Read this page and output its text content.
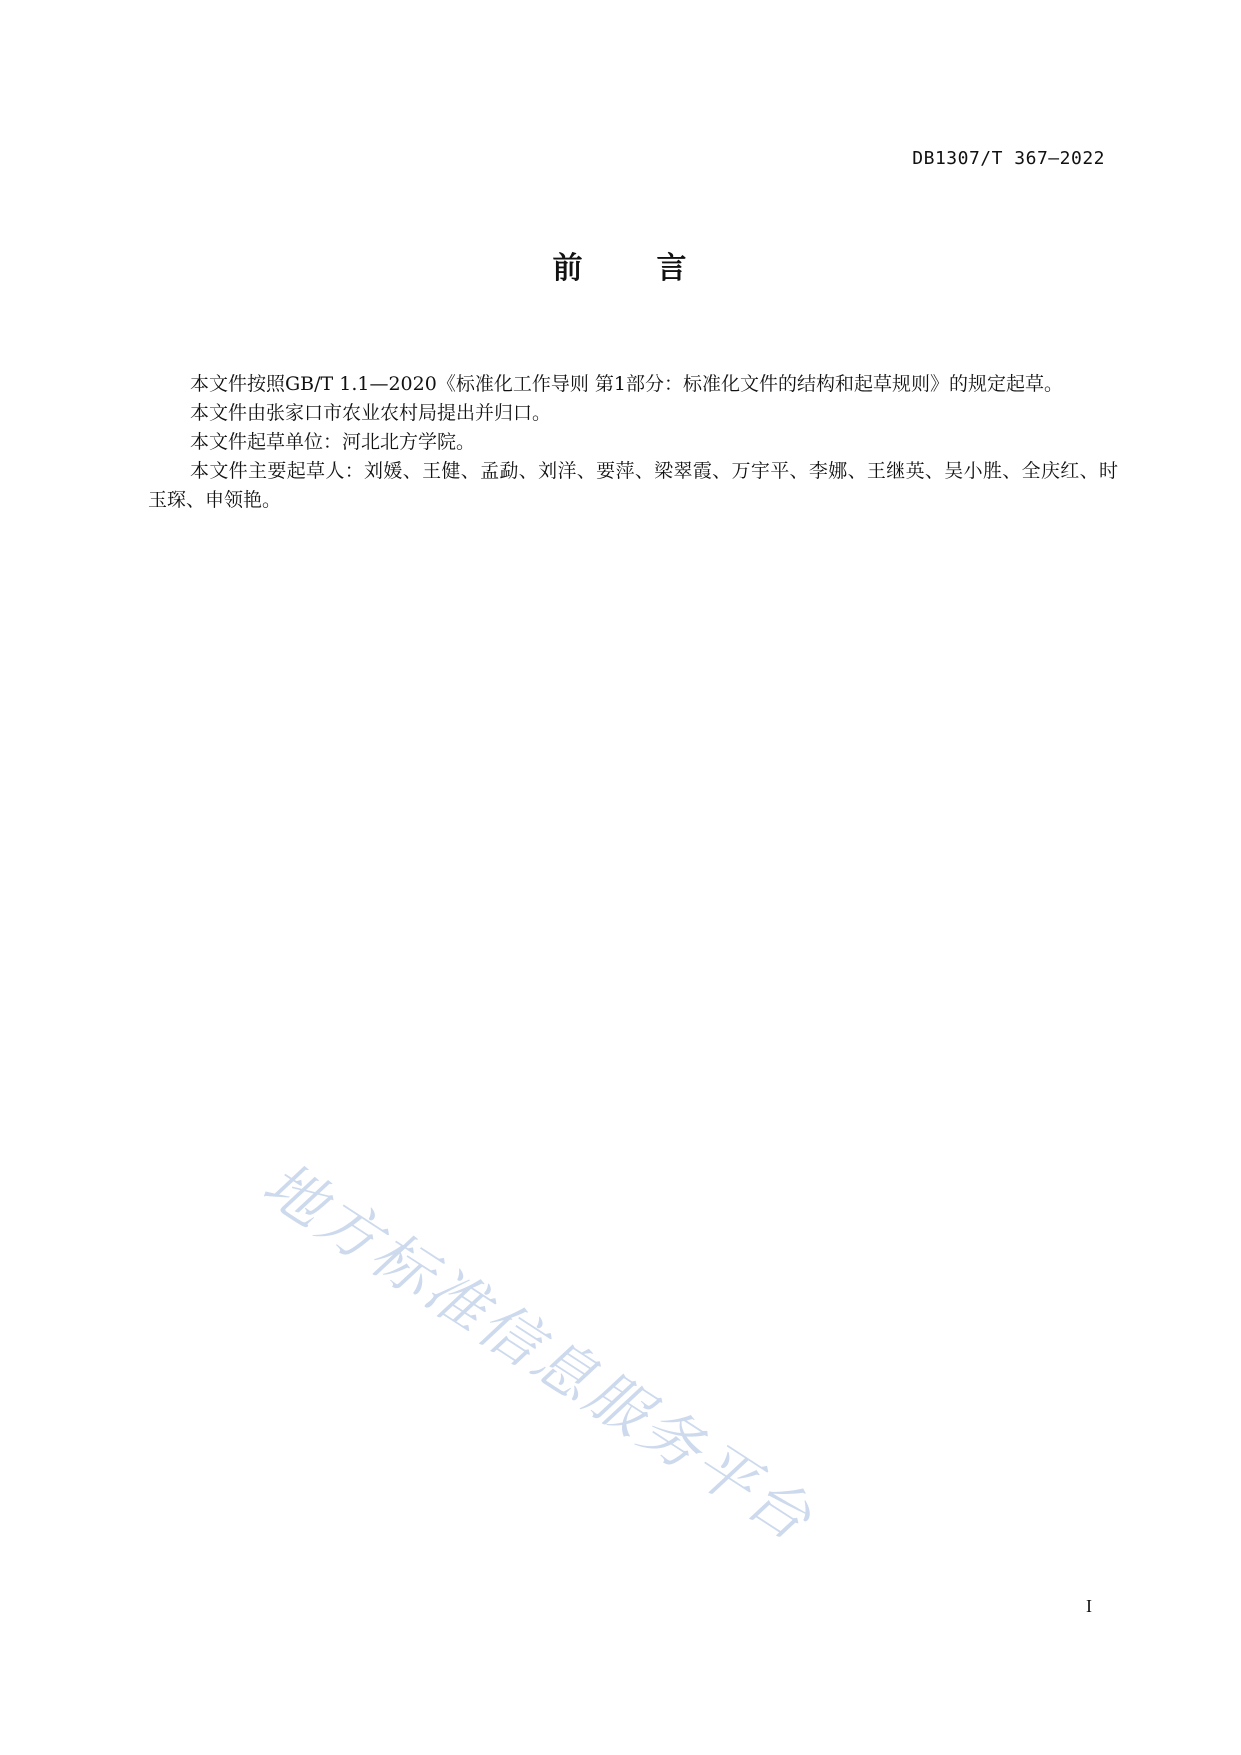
DB1307/T 367—2022
前 言

本文件按照GB/T 1.1—2020《标准化工作导则 第1部分：标准化文件的结构和起草规则》的规定起草。

本文件由张家口市农业农村局提出并归口。

本文件起草单位：河北北方学院。

本文件主要起草人：刘媛、王健、孟勐、刘洋、要萍、梁翠霞、万宇平、李娜、王继英、吴小胜、全庆红、时玉琛、申领艳。

地方标准信息服务平台
I
